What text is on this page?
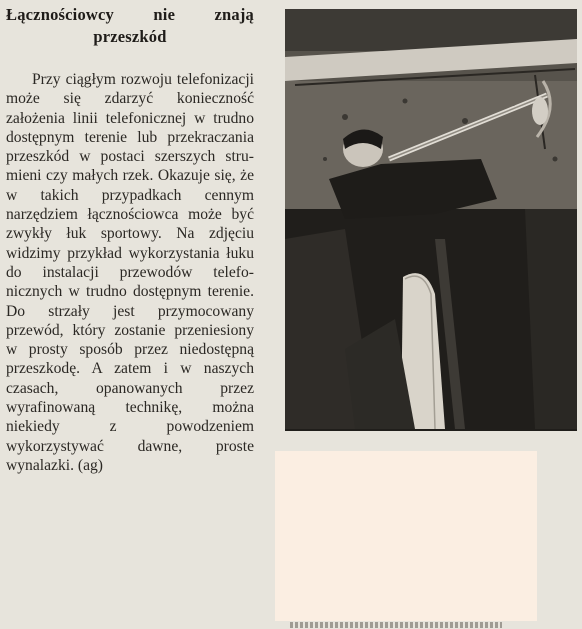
Łącznościowcy nie znają przeszkód

Przy ciągłym rozwoju telefonizacji może się zdarzyć konieczność założenia linii telefonicznej w trudno dostępnym terenie lub przekraczania przeszkód w postaci szerszych strumieni czy małych rzek. Okazuje się, że w takich przypadkach cennym narzędziem łącznościowca może być zwykły łuk sportowy. Na zdjęciu widzimy przykład wykorzystania łuku do instalacji przewodów telefonicznych w trudno dostępnym terenie. Do strzały jest przymocowany przewód, który zostanie przeniesiony w prosty sposób przez niedostępną przeszkodę. A zatem i w naszych czasach, opanowanych przez wyrafinowaną technikę, można niekiedy z powodzeniem wykorzystywać dawne, proste wynalazki. (ag)
